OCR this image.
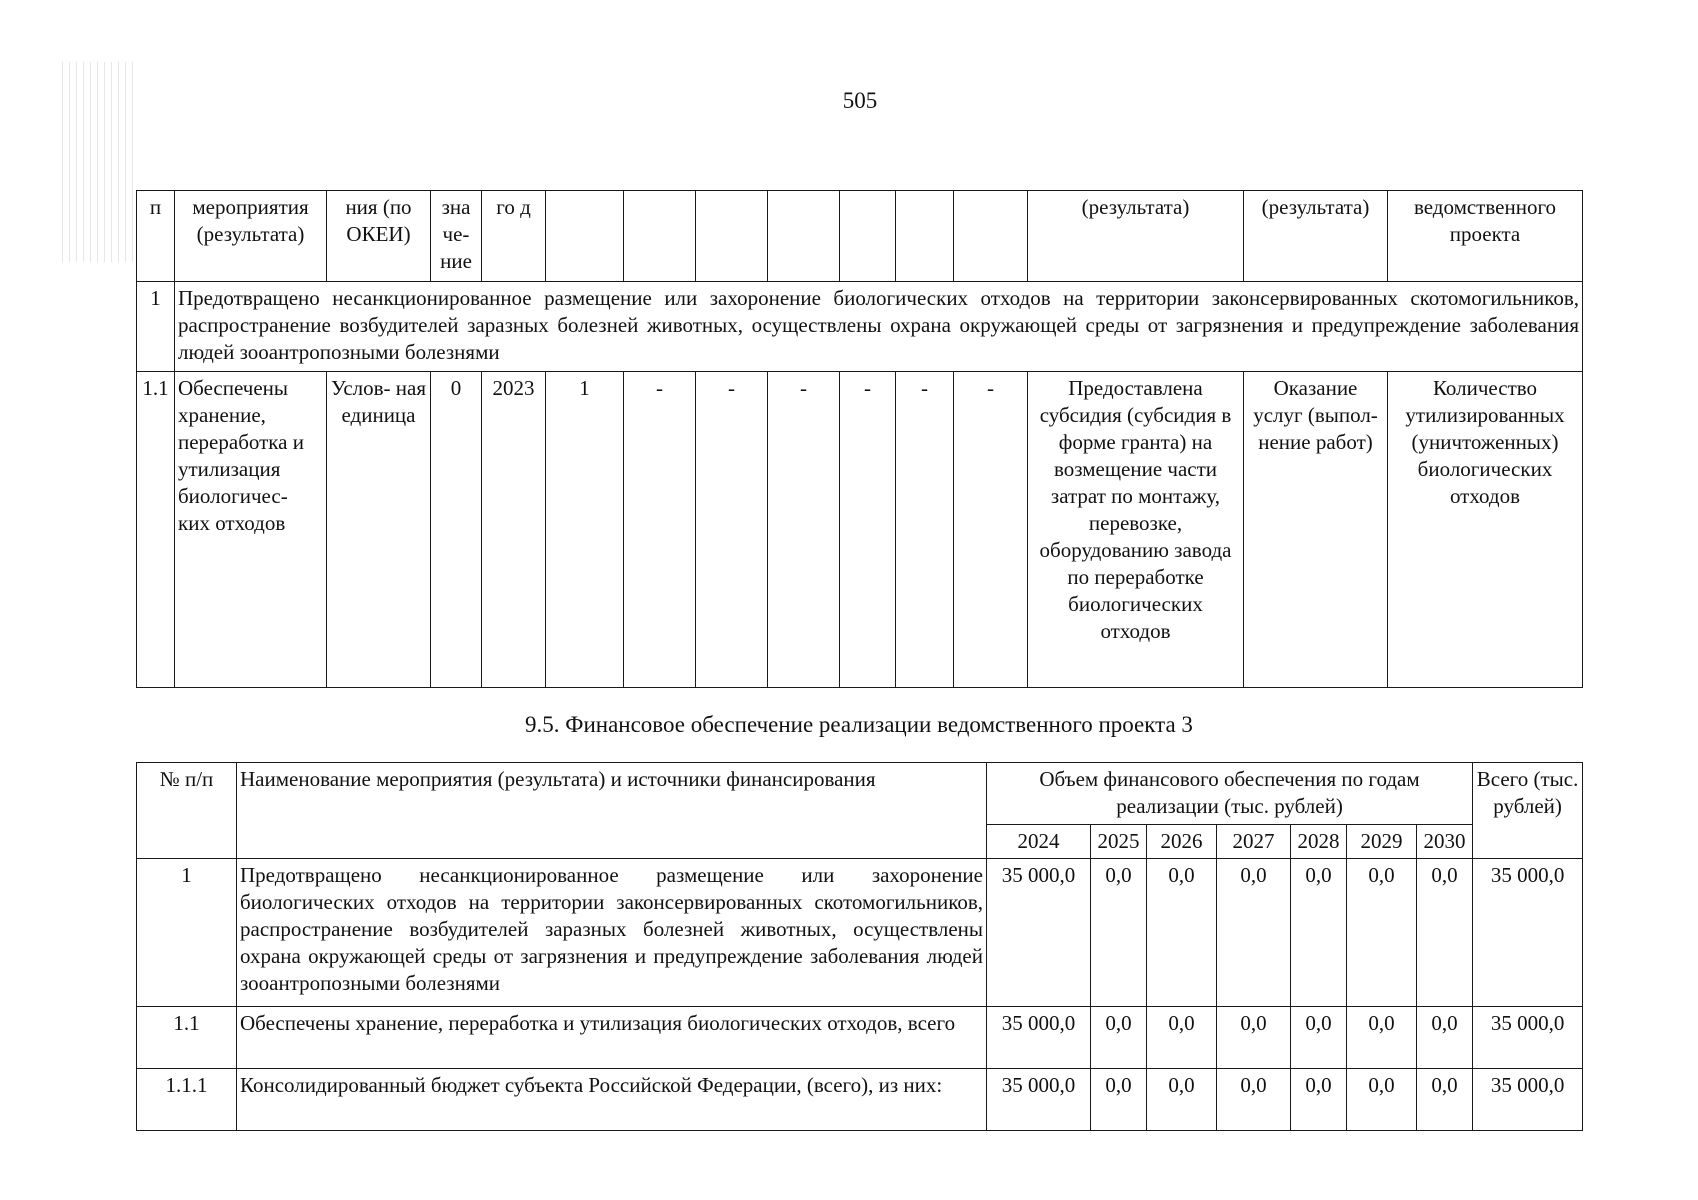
505
п	мероприятия (результата)	ния (по ОКЕИ)	зна че- ние	го д								(результата)	(результата)	ведомственного проекта
1	Предотвращено несанкционированное размещение или захоронение биологических отходов на территории законсервированных скотомогильников, распространение возбудителей заразных болезней животных, осуществлены охрана окружающей среды от загрязнения и предупреждение заболевания людей зооантропозными болезнями													
1.1	Обеспечены хранение, переработка и утилизация биологичес- ких отходов	Услов- ная единица	0	2023	1	-	-	-	-	-	-	Предоставлена субсидия (субсидия в форме гранта) на возмещение части затрат по монтажу, перевозке, оборудованию завода по переработке биологических отходов	Оказание услуг (выпол- нение работ)	Количество утилизированных (уничтоженных) биологических отходов
9.5. Финансовое обеспечение реализации ведомственного проекта 3
№ п/п	Наименование мероприятия (результата) и источники финансирования	Объем финансового обеспечения по годам реализации (тыс. рублей)							Всего (тыс. рублей)
		2024	2025	2026	2027	2028	2029	2030	
1	Предотвращено несанкционированное размещение или захоронение биологических отходов на территории законсервированных скотомогильников, распространение возбудителей заразных болезней животных, осуществлены охрана окружающей среды от загрязнения и предупреждение заболевания людей зооантропозными болезнями	35 000,0	0,0	0,0	0,0	0,0	0,0	0,0	35 000,0
1.1	Обеспечены хранение, переработка и утилизация биологических отходов, всего	35 000,0	0,0	0,0	0,0	0,0	0,0	0,0	35 000,0
1.1.1	Консолидированный бюджет субъекта Российской Федерации, (всего), из них:	35 000,0	0,0	0,0	0,0	0,0	0,0	0,0	35 000,0
